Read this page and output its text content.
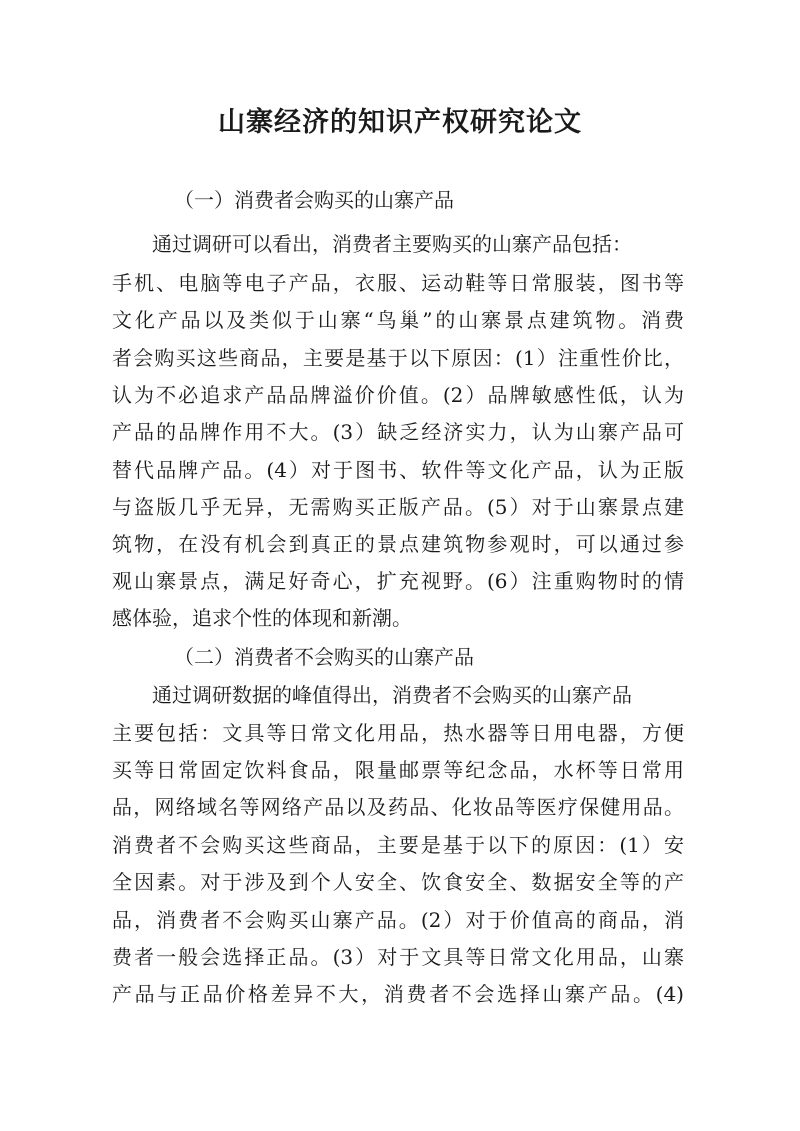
山寨经济的知识产权研究论文
（一）消费者会购买的山寨产品
通过调研可以看出，消费者主要购买的山寨产品包括：
手机、电脑等电子产品，衣服、运动鞋等日常服装，图书等
文化产品以及类似于山寨“鸟巢”的山寨景点建筑物。消费
者会购买这些商品，主要是基于以下原因：(1）注重性价比，
认为不必追求产品品牌溢价价值。(2）品牌敏感性低，认为
产品的品牌作用不大。(3）缺乏经济实力，认为山寨产品可
替代品牌产品。(4）对于图书、软件等文化产品，认为正版
与盗版几乎无异，无需购买正版产品。(5）对于山寨景点建
筑物，在没有机会到真正的景点建筑物参观时，可以通过参
观山寨景点，满足好奇心，扩充视野。(6）注重购物时的情
感体验，追求个性的体现和新潮。
（二）消费者不会购买的山寨产品
通过调研数据的峰值得出，消费者不会购买的山寨产品
主要包括：文具等日常文化用品，热水器等日用电器，方便
买等日常固定饮料食品，限量邮票等纪念品，水杯等日常用
品，网络域名等网络产品以及药品、化妆品等医疗保健用品。
消费者不会购买这些商品，主要是基于以下的原因：(1）安
全因素。对于涉及到个人安全、饮食安全、数据安全等的产
品，消费者不会购买山寨产品。(2）对于价值高的商品，消
费者一般会选择正品。(3）对于文具等日常文化用品，山寨
产品与正品价格差异不大，消费者不会选择山寨产品。(4)
